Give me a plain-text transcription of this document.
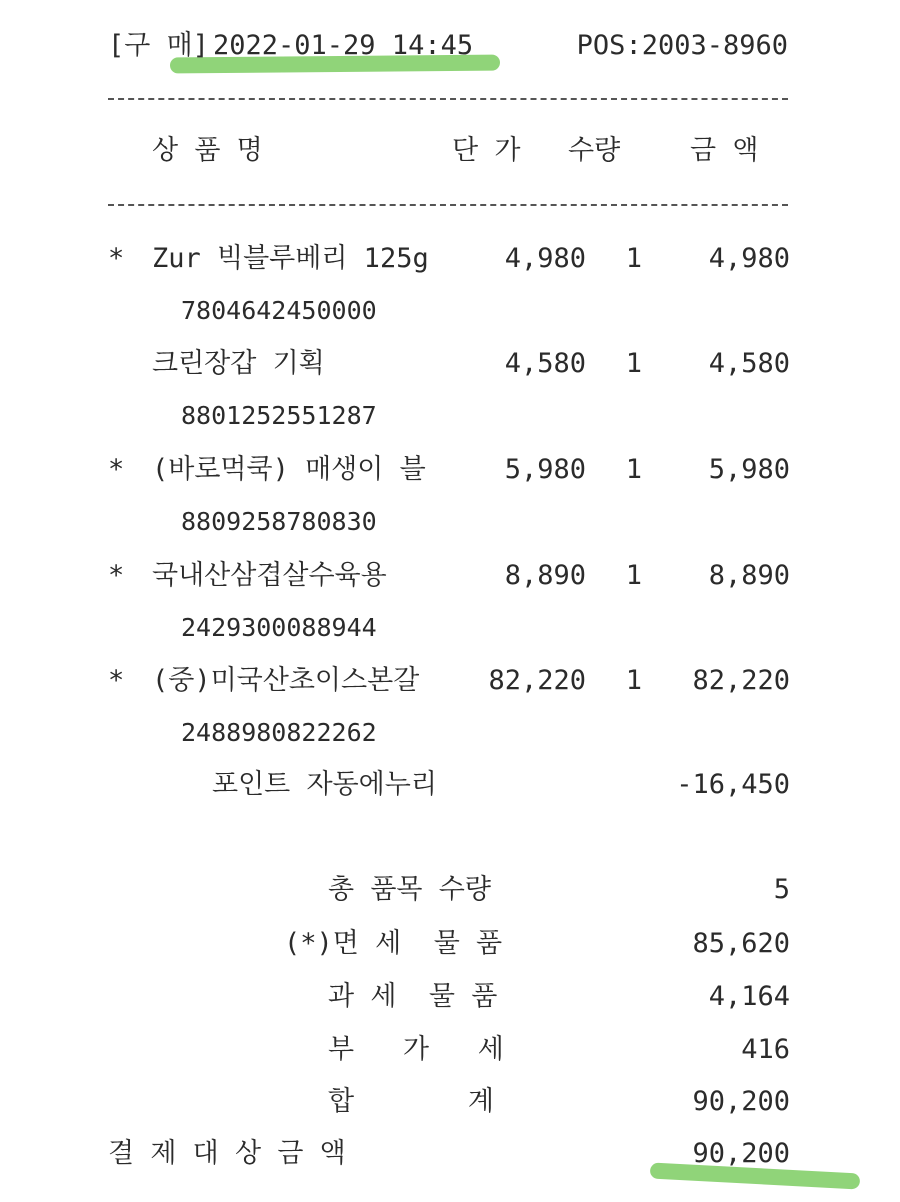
[구 매] 2022-01-29 14:45	POS:2003-8960
상 품 명	단 가 수량	금 액
* Zur 빅블루베리 125g	4,980 1 4,980
7804642450000
크린장갑 기획	4,580 1 4,580
8801252551287
* (바로먹쿡) 매생이 블	5,980 1 5,980
8809258780830
* 국내산삼겹살수육용	8,890 1 8,890
2429300088944
* (중)미국산초이스본갈	82,220 1 82,220
2488980822262
포인트 자동에누리	-16,450
총 품목 수량	5
(*)면 세  물 품	85,620
과 세  물 품	4,164
부   가   세	416
합       계	90,200
결 제 대 상 금 액	90,200
